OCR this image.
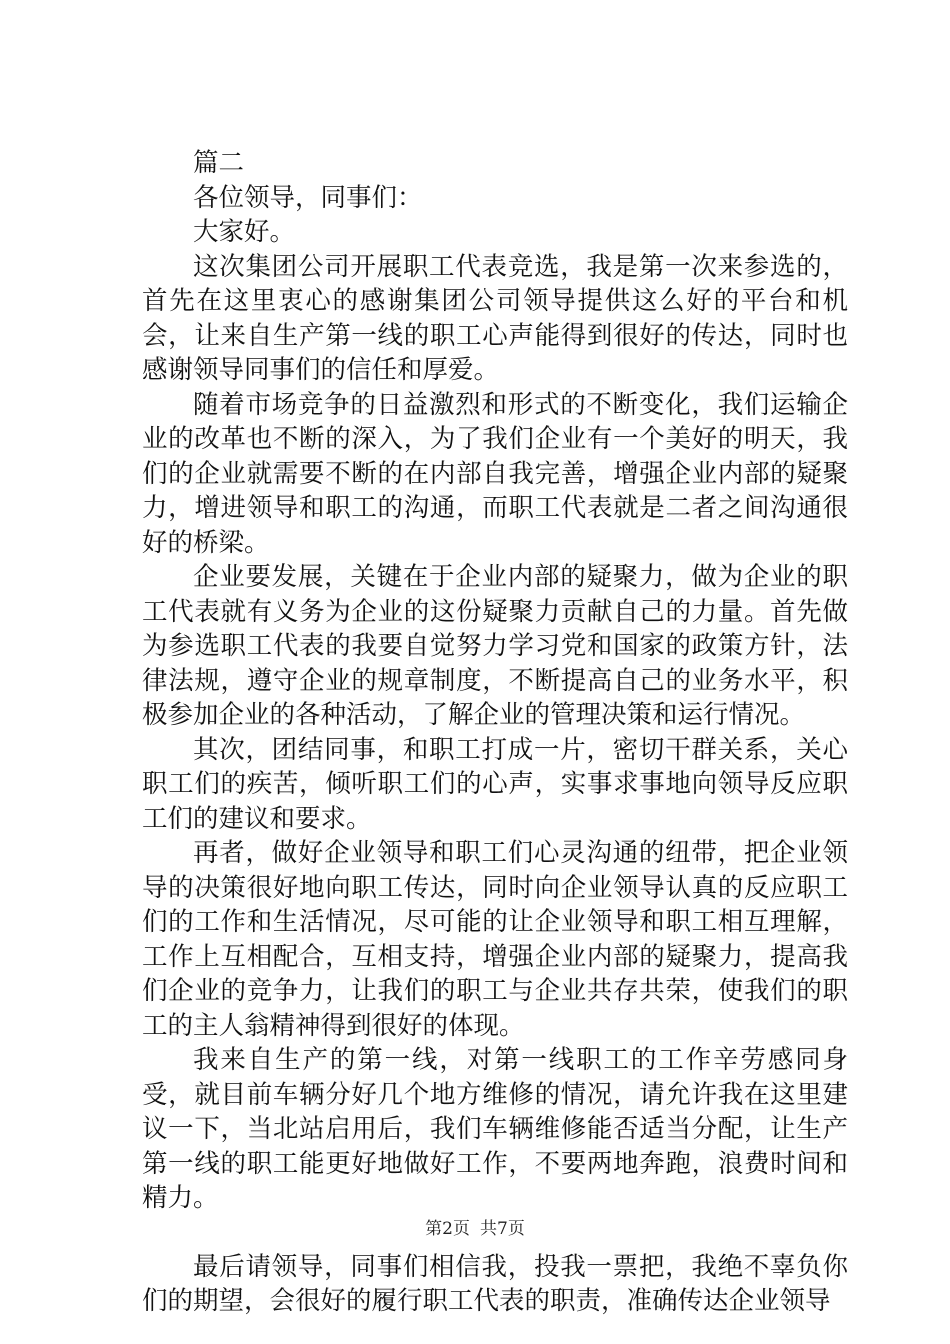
篇二

各位领导，同事们：

大家好。

这次集团公司开展职工代表竞选，我是第一次来参选的，首先在这里衷心的感谢集团公司领导提供这么好的平台和机会，让来自生产第一线的职工心声能得到很好的传达，同时也感谢领导同事们的信任和厚爱。

随着市场竞争的日益激烈和形式的不断变化，我们运输企业的改革也不断的深入，为了我们企业有一个美好的明天，我们的企业就需要不断的在内部自我完善，增强企业内部的疑聚力，增进领导和职工的沟通，而职工代表就是二者之间沟通很好的桥梁。

企业要发展，关键在于企业内部的疑聚力，做为企业的职工代表就有义务为企业的这份疑聚力贡献自己的力量。首先做为参选职工代表的我要自觉努力学习党和国家的政策方针，法律法规，遵守企业的规章制度，不断提高自己的业务水平，积极参加企业的各种活动，了解企业的管理决策和运行情况。

其次，团结同事，和职工打成一片，密切干群关系，关心职工们的疾苦，倾听职工们的心声，实事求事地向领导反应职工们的建议和要求。

再者，做好企业领导和职工们心灵沟通的纽带，把企业领导的决策很好地向职工传达，同时向企业领导认真的反应职工们的工作和生活情况，尽可能的让企业领导和职工相互理解，工作上互相配合，互相支持，增强企业内部的疑聚力，提高我们企业的竞争力，让我们的职工与企业共存共荣，使我们的职工的主人翁精神得到很好的体现。

我来自生产的第一线，对第一线职工的工作辛劳感同身受，就目前车辆分好几个地方维修的情况，请允许我在这里建议一下，当北站启用后，我们车辆维修能否适当分配，让生产第一线的职工能更好地做好工作，不要两地奔跑，浪费时间和精力。

最后请领导，同事们相信我，投我一票把，我绝不辜负你们的期望，会很好的履行职工代表的职责，准确传达企业领导

第2页 共7页
